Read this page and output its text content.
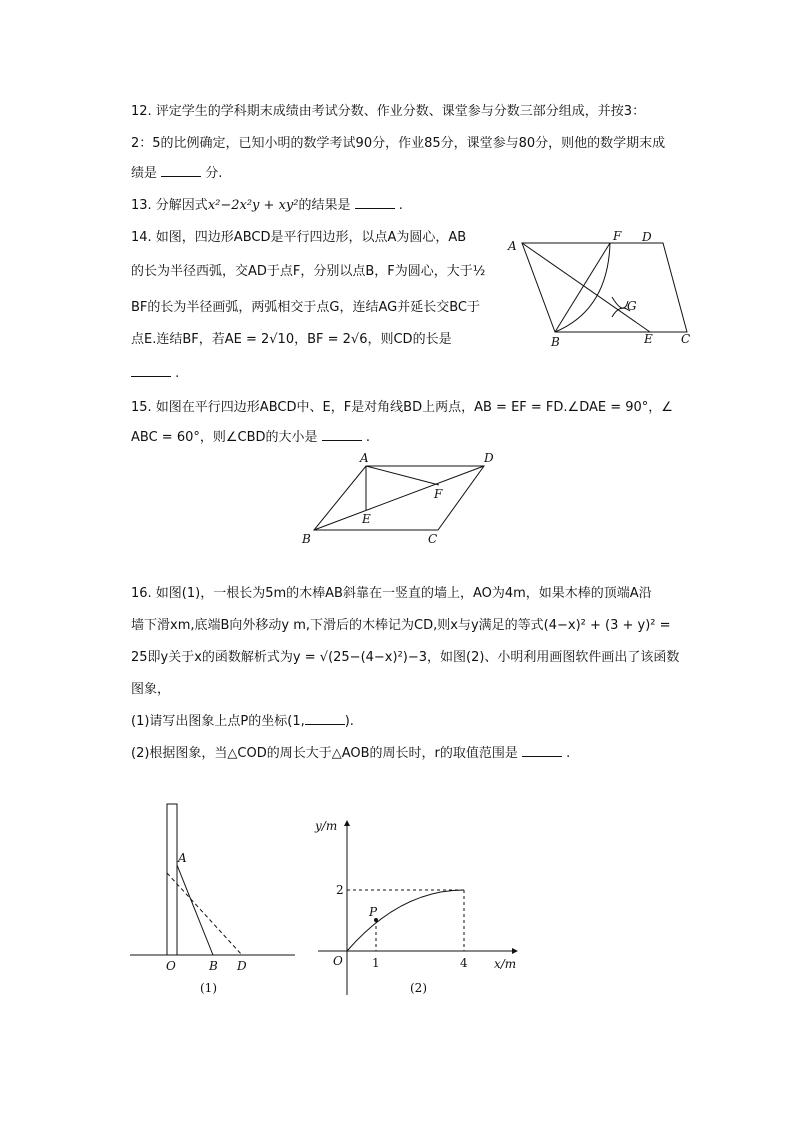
12. 评定学生的学科期末成绩由考试分数、作业分数、课堂参与分数三部分组成，并按3：
2：5的比例确定，已知小明的数学考试90分，作业85分，课堂参与80分，则他的数学期末成
绩是	分.
13. 分解因式x²−2x²y + xy²的结果是	.
14. 如图，四边形ABCD是平行四边形，以点A为圆心，AB
的长为半径西弧，交AD于点F，分别以点B，F为圆心，大于½
BF的长为半径画弧，两弧相交于点G，连结AG并延长交BC于
点E.连结BF，若AE = 2√10，BF = 2√6，则CD的长是
.
A
F D
G
B	E C
15. 如图在平行四边形ABCD中、E，F是对角线BD上两点，AB = EF = FD.∠DAE = 90°，∠
ABC = 60°，则∠CBD的大小是	.
A	D
F
E
B	C
16. 如图(1)，一根长为5m的木棒AB斜靠在一竖直的墙上，AO为4m，如果木棒的顶端A沿
墙下滑xm,底端B向外移动y m,下滑后的木棒记为CD,则x与y满足的等式(4−x)² + (3 + y)² =
25即y关于x的函数解析式为y = √(25−(4−x)²)−3，如图(2)、小明利用画图软件画出了该函数
图象，
(1)请写出图象上点P的坐标(1,	).
(2)根据图象，当△COD的周长大于△AOB的周长时，r的取值范围是	.
A
O	B D
(1)
y/m
x/m
O
P
2
1	4
(2)
